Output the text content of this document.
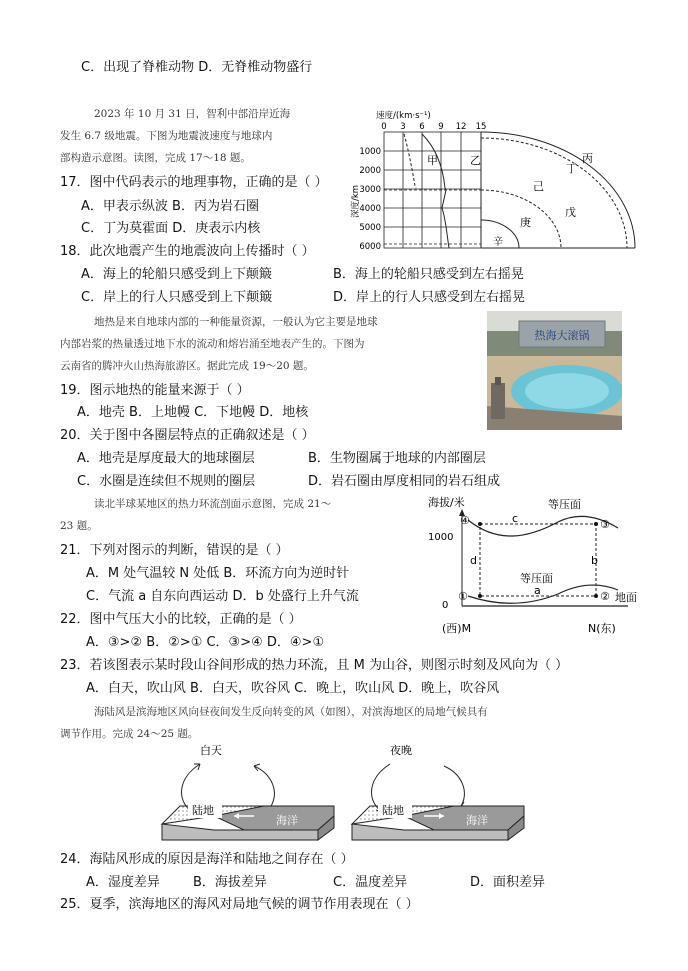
C．出现了脊椎动物 D．无脊椎动物盛行
2023 年 10 月 31 日，智利中部沿岸近海
发生 6.7 级地震。下图为地震波速度与地球内
部构造示意图。读图，完成 17～18 题。
17．图中代码表示的地理事物，正确的是（ ）
A．甲表示纵波 B．丙为岩石圈
C．丁为莫霍面 D．庚表示内核
18．此次地震产生的地震波向上传播时（ ）
A．海上的轮船只感受到上下颠簸	B．海上的轮船只感受到左右摇晃
C．岸上的行人只感受到上下颠簸	D．岸上的行人只感受到左右摇晃
地热是来自地球内部的一种能量资源，一般认为它主要是地球
内部岩浆的热量透过地下水的流动和熔岩涌至地表产生的。下图为
云南省的腾冲火山热海旅游区。据此完成 19～20 题。
19．图示地热的能量来源于（ ）
A．地壳 B．上地幔 C．下地幔 D．地核
20．关于图中各圈层特点的正确叙述是（ ）
A．地壳是厚度最大的地球圈层	B．生物圈属于地球的内部圈层
C．水圈是连续但不规则的圈层	D．岩石圈由厚度相同的岩石组成
读北半球某地区的热力环流剖面示意图，完成 21～
23 题。
21．下列对图示的判断，错误的是（ ）
A．M 处气温较 N 处低 B．环流方向为逆时针
C．气流 a 自东向西运动 D．b 处盛行上升气流
22．图中气压大小的比较，正确的是（ ）
A．③>② B．②>① C．③>④ D．④>①
23．若该图表示某时段山谷间形成的热力环流，且 M 为山谷，则图示时刻及风向为（ ）
A．白天，吹山风 B．白天，吹谷风 C．晚上，吹山风 D．晚上，吹谷风
海陆风是滨海地区风向昼夜间发生反向转变的风（如图），对滨海地区的局地气候具有
调节作用。完成 24～25 题。
24．海陆风形成的原因是海洋和陆地之间存在（ ）
A．湿度差异	B．海拔差异	C．温度差异	D．面积差异
25．夏季，滨海地区的海风对局地气候的调节作用表现在（ ）
速度/(km·s⁻¹)
0 3 6 9 12 15
1000
2000
3000
4000
5000
6000
深度/km
甲	乙	丙
丁
己
戊
庚
辛
热海大滚锅
海拔/米
1000
0
地面
等压面
等压面
①	②
③
④
a
b
c
d
(西)M	N(东)
白天
陆地
海洋
夜晚
陆地
海洋
